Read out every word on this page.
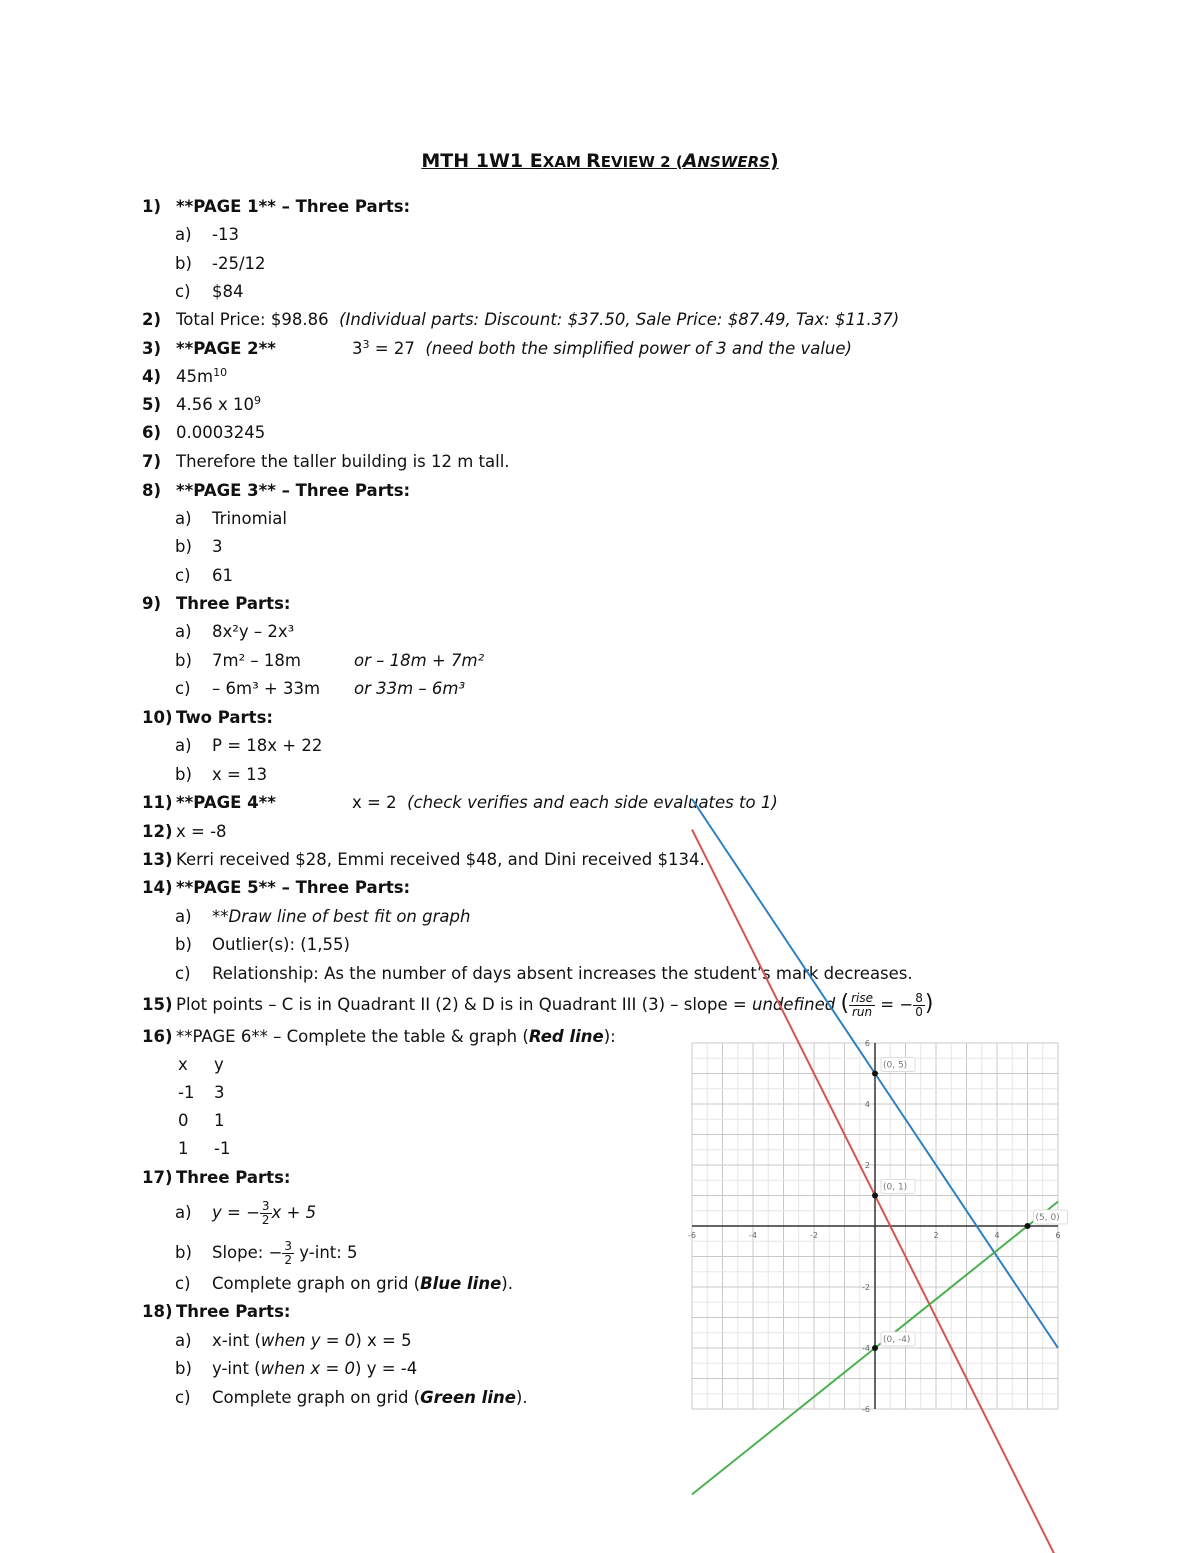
MTH 1W1 EXAM REVIEW 2 (ANSWERS)
1) **PAGE 1** – Three Parts:
a) -13
b) -25/12
c) $84
2) Total Price: $98.86 (Individual parts: Discount: $37.50, Sale Price: $87.49, Tax: $11.37)
3) **PAGE 2**	$3^3 = 27$ (need both the simplified power of 3 and the value)
4) $45m^{10}$
5) 4.56 x $10^9$
6) 0.0003245
7) Therefore the taller building is 12 m tall.
8) **PAGE 3** – Three Parts:
a) Trinomial
b) 3
c) 61
9) Three Parts:
a) 8x²y – 2x³
b) 7m² – 18m	or – 18m + 7m²
c) – 6m³ + 33m or 33m – 6m³
10) Two Parts:
a) P = 18x + 22
b) x = 13
11) **PAGE 4**	x = 2 (check verifies and each side evaluates to 1)
12) x = -8
13) Kerri received $28, Emmi received $48, and Dini received $134.
14) **PAGE 5** – Three Parts:
a) **Draw line of best fit on graph
b) Outlier(s): (1,55)
c) Relationship: As the number of days absent increases the student’s mark decreases.
15) Plot points – C is in Quadrant II (2) & D is in Quadrant III (3) – slope = undefined ( $\frac{\text{rise}}{\text{run}}$ = − $\frac{8}{0}$ )
16) **PAGE 6** – Complete the table & graph (Red line):
x y
-1 3
0 1
1 -1
17) Three Parts:
a) y = − $\frac{3}{2}$ x + 5
b) Slope: − $\frac{3}{2} y-int$: 5
c) Complete graph on grid (Blue line).
18) Three Parts:
a) x-int (when y = 0) x = 5
b) y-int (when x = 0) y = -4
c) Complete graph on grid (Green line).
-6	-4	-2	2	4	6
6
4
2
-2
-4
-6
(0, 5)
(0, 1)
(5, 0)
(0, -4)
